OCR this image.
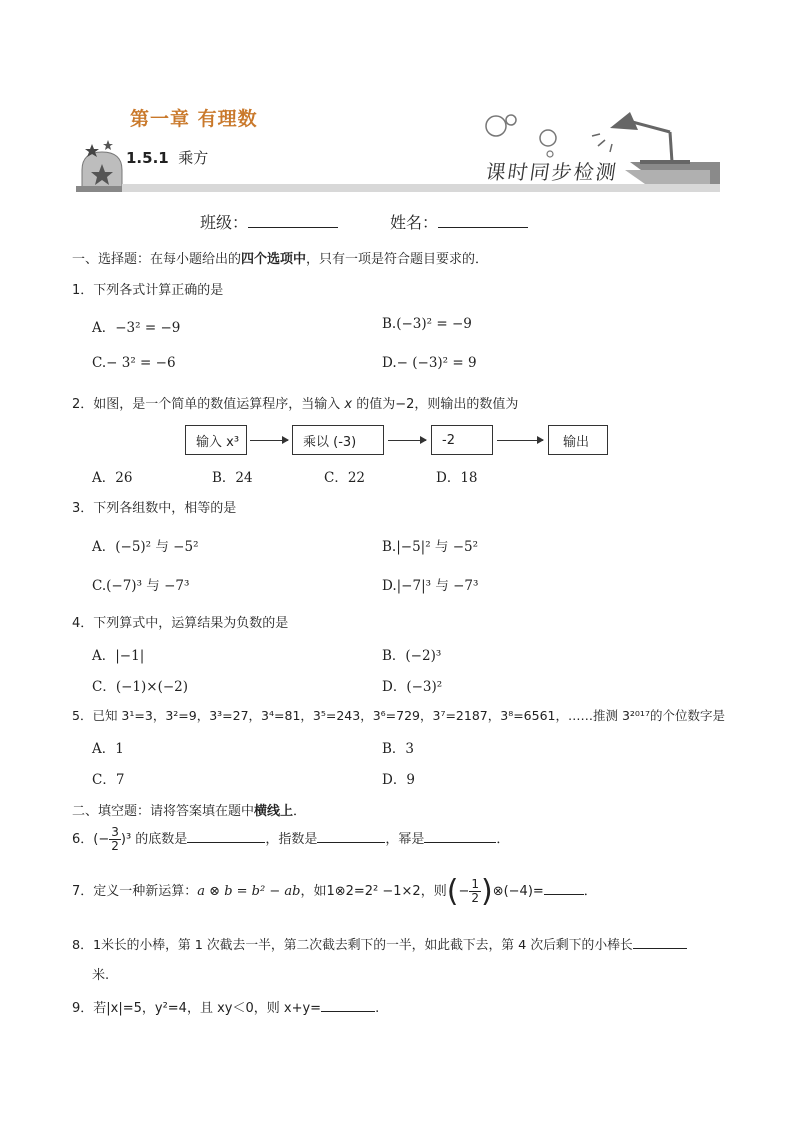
第一章 有理数
1.5.1 乘方
课时同步检测
班级：	姓名：
一、选择题：在每小题给出的四个选项中，只有一项是符合题目要求的．
1．下列各式计算正确的是
A．−3² = −9	B.(−3)² = −9
C.− 3² = −6	D.− (−3)² = 9
2．如图，是一个简单的数值运算程序，当输入 x 的值为−2，则输出的数值为
输入 x³	乘以 (-3)	-2	输出
A．26	B．24	C．22	D．18
3．下列各组数中，相等的是
A．(−5)² 与 −5²	B.|−5|² 与 −5²
C.(−7)³ 与 −7³	D.|−7|³ 与 −7³
4．下列算式中，运算结果为负数的是
A．|−1|	B．(−2)³
C．(−1)×(−2)	D．(−3)²
5．已知 3¹=3，3²=9，3³=27，3⁴=81，3⁵=243，3⁶=729，3⁷=2187，3⁸=6561，……推测 3²⁰¹⁷的个位数字是
A．1	B．3
C．7	D．9
二、填空题：请将答案填在题中横线上．
6．(− $\frac{3}{2} )^3$ 的底数是	，指数是	，幂是	．
7．定义一种新运算：a ⊗ b = b² − ab，如1⊗2=2² −1×2，则(− $\frac{1}{2}$ )⊗(−4)=	．
8．1米长的小棒，第 1 次截去一半，第二次截去剩下的一半，如此截下去，第 4 次后剩下的小棒长
米.
9．若|x|=5，y²=4，且 xy＜0，则 x+y=	.
